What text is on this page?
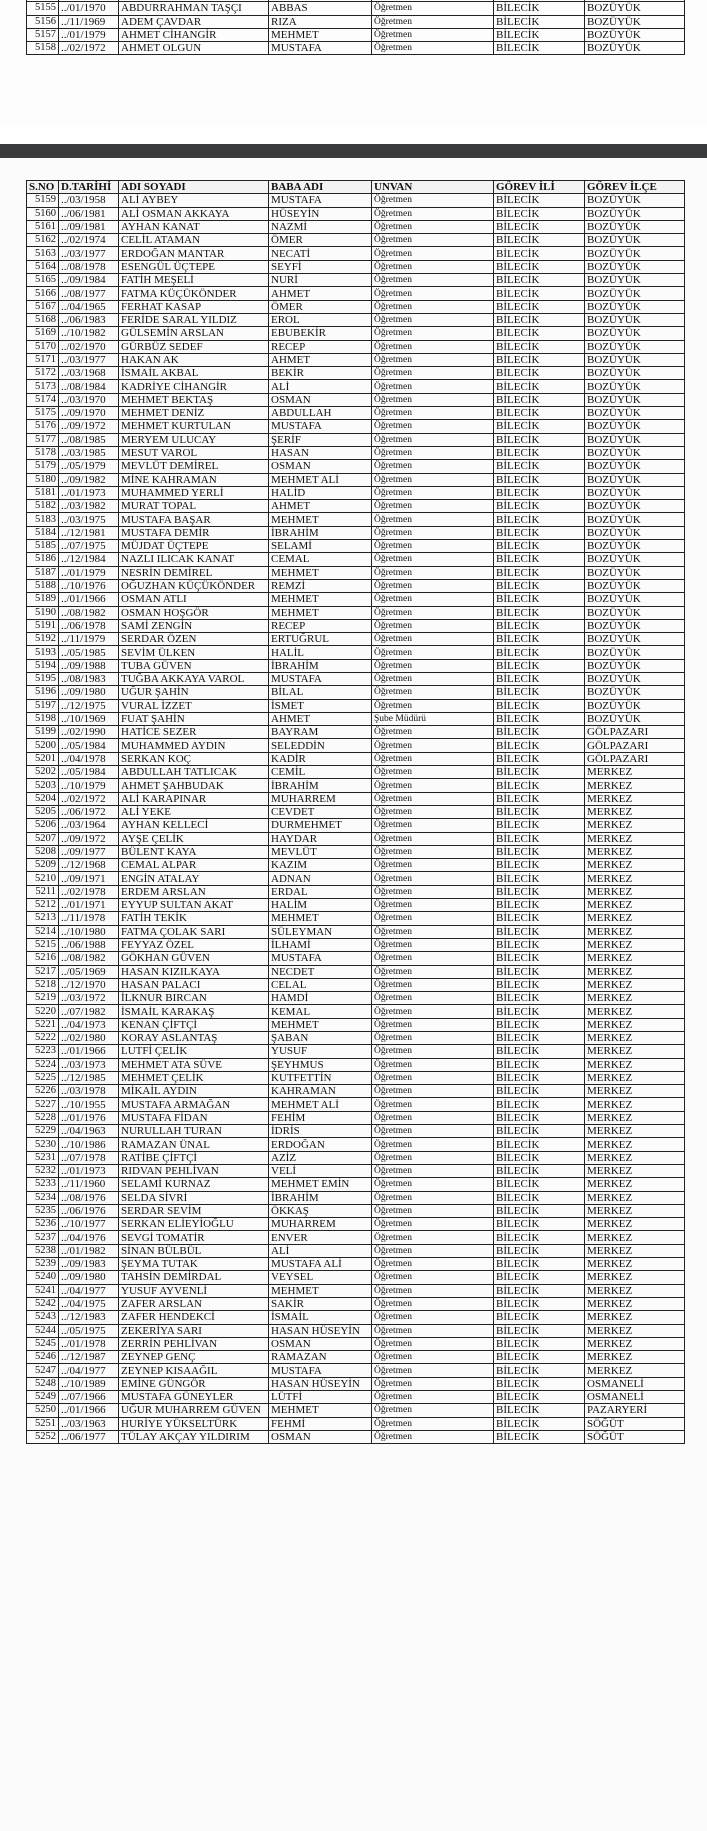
5155	../01/1970	ABDURRAHMAN TAŞÇI	ABBAS	Öğretmen	BİLECİK	BOZÜYÜK
5156	../11/1969	ADEM ÇAVDAR	RIZA	Öğretmen	BİLECİK	BOZÜYÜK
5157	../01/1979	AHMET CİHANGİR	MEHMET	Öğretmen	BİLECİK	BOZÜYÜK
5158	../02/1972	AHMET OLGUN	MUSTAFA	Öğretmen	BİLECİK	BOZÜYÜK
S.NO	D.TARİHİ	ADI SOYADI	BABA ADI	UNVAN	GÖREV İLİ	GÖREV İLÇE
5159	../03/1958	ALİ AYBEY	MUSTAFA	Öğretmen	BİLECİK	BOZÜYÜK
5160	../06/1981	ALİ OSMAN AKKAYA	HÜSEYİN	Öğretmen	BİLECİK	BOZÜYÜK
5161	../09/1981	AYHAN KANAT	NAZMİ	Öğretmen	BİLECİK	BOZÜYÜK
5162	../02/1974	CELİL ATAMAN	ÖMER	Öğretmen	BİLECİK	BOZÜYÜK
5163	../03/1977	ERDOĞAN MANTAR	NECATİ	Öğretmen	BİLECİK	BOZÜYÜK
5164	../08/1978	ESENGÜL ÜÇTEPE	SEYFİ	Öğretmen	BİLECİK	BOZÜYÜK
5165	../09/1984	FATİH MEŞELİ	NURİ	Öğretmen	BİLECİK	BOZÜYÜK
5166	../08/1977	FATMA KÜÇÜKÖNDER	AHMET	Öğretmen	BİLECİK	BOZÜYÜK
5167	../04/1965	FERHAT KASAP	ÖMER	Öğretmen	BİLECİK	BOZÜYÜK
5168	../06/1983	FERİDE SARAL YILDIZ	EROL	Öğretmen	BİLECİK	BOZÜYÜK
5169	../10/1982	GÜLSEMİN ARSLAN	EBUBEKİR	Öğretmen	BİLECİK	BOZÜYÜK
5170	../02/1970	GÜRBÜZ SEDEF	RECEP	Öğretmen	BİLECİK	BOZÜYÜK
5171	../03/1977	HAKAN AK	AHMET	Öğretmen	BİLECİK	BOZÜYÜK
5172	../03/1968	İSMAİL AKBAL	BEKİR	Öğretmen	BİLECİK	BOZÜYÜK
5173	../08/1984	KADRİYE CİHANGİR	ALİ	Öğretmen	BİLECİK	BOZÜYÜK
5174	../03/1970	MEHMET BEKTAŞ	OSMAN	Öğretmen	BİLECİK	BOZÜYÜK
5175	../09/1970	MEHMET DENİZ	ABDULLAH	Öğretmen	BİLECİK	BOZÜYÜK
5176	../09/1972	MEHMET KURTULAN	MUSTAFA	Öğretmen	BİLECİK	BOZÜYÜK
5177	../08/1985	MERYEM ULUCAY	ŞERİF	Öğretmen	BİLECİK	BOZÜYÜK
5178	../03/1985	MESUT VAROL	HASAN	Öğretmen	BİLECİK	BOZÜYÜK
5179	../05/1979	MEVLÜT DEMİREL	OSMAN	Öğretmen	BİLECİK	BOZÜYÜK
5180	../09/1982	MİNE KAHRAMAN	MEHMET ALİ	Öğretmen	BİLECİK	BOZÜYÜK
5181	../01/1973	MUHAMMED YERLİ	HALİD	Öğretmen	BİLECİK	BOZÜYÜK
5182	../03/1982	MURAT TOPAL	AHMET	Öğretmen	BİLECİK	BOZÜYÜK
5183	../03/1975	MUSTAFA BAŞAR	MEHMET	Öğretmen	BİLECİK	BOZÜYÜK
5184	../12/1981	MUSTAFA DEMİR	İBRAHİM	Öğretmen	BİLECİK	BOZÜYÜK
5185	../07/1975	MÜJDAT ÜÇTEPE	SELAMİ	Öğretmen	BİLECİK	BOZÜYÜK
5186	../12/1984	NAZLI ILICAK KANAT	CEMAL	Öğretmen	BİLECİK	BOZÜYÜK
5187	../01/1979	NESRİN DEMİREL	MEHMET	Öğretmen	BİLECİK	BOZÜYÜK
5188	../10/1976	OĞUZHAN KÜÇÜKÖNDER	REMZİ	Öğretmen	BİLECİK	BOZÜYÜK
5189	../01/1966	OSMAN ATLI	MEHMET	Öğretmen	BİLECİK	BOZÜYÜK
5190	../08/1982	OSMAN HOŞGÖR	MEHMET	Öğretmen	BİLECİK	BOZÜYÜK
5191	../06/1978	SAMİ ZENGİN	RECEP	Öğretmen	BİLECİK	BOZÜYÜK
5192	../11/1979	SERDAR ÖZEN	ERTUĞRUL	Öğretmen	BİLECİK	BOZÜYÜK
5193	../05/1985	SEVİM ÜLKEN	HALİL	Öğretmen	BİLECİK	BOZÜYÜK
5194	../09/1988	TUBA GÜVEN	İBRAHİM	Öğretmen	BİLECİK	BOZÜYÜK
5195	../08/1983	TUĞBA AKKAYA VAROL	MUSTAFA	Öğretmen	BİLECİK	BOZÜYÜK
5196	../09/1980	UĞUR ŞAHİN	BİLAL	Öğretmen	BİLECİK	BOZÜYÜK
5197	../12/1975	VURAL İZZET	İSMET	Öğretmen	BİLECİK	BOZÜYÜK
5198	../10/1969	FUAT ŞAHİN	AHMET	Şube Müdürü	BİLECİK	BOZÜYÜK
5199	../02/1990	HATİCE SEZER	BAYRAM	Öğretmen	BİLECİK	GÖLPAZARI
5200	../05/1984	MUHAMMED AYDIN	SELEDDİN	Öğretmen	BİLECİK	GÖLPAZARI
5201	../04/1978	SERKAN KOÇ	KADİR	Öğretmen	BİLECİK	GÖLPAZARI
5202	../05/1984	ABDULLAH TATLICAK	CEMİL	Öğretmen	BİLECİK	MERKEZ
5203	../10/1979	AHMET ŞAHBUDAK	İBRAHİM	Öğretmen	BİLECİK	MERKEZ
5204	../02/1972	ALİ KARAPINAR	MUHARREM	Öğretmen	BİLECİK	MERKEZ
5205	../06/1972	ALİ YEKE	CEVDET	Öğretmen	BİLECİK	MERKEZ
5206	../03/1964	AYHAN KELLECİ	DURMEHMET	Öğretmen	BİLECİK	MERKEZ
5207	../09/1972	AYŞE ÇELİK	HAYDAR	Öğretmen	BİLECİK	MERKEZ
5208	../09/1977	BÜLENT KAYA	MEVLÜT	Öğretmen	BİLECİK	MERKEZ
5209	../12/1968	CEMAL ALPAR	KAZIM	Öğretmen	BİLECİK	MERKEZ
5210	../09/1971	ENGİN ATALAY	ADNAN	Öğretmen	BİLECİK	MERKEZ
5211	../02/1978	ERDEM ARSLAN	ERDAL	Öğretmen	BİLECİK	MERKEZ
5212	../01/1971	EYYUP SULTAN AKAT	HALİM	Öğretmen	BİLECİK	MERKEZ
5213	../11/1978	FATİH TEKİK	MEHMET	Öğretmen	BİLECİK	MERKEZ
5214	../10/1980	FATMA ÇOLAK SARI	SÜLEYMAN	Öğretmen	BİLECİK	MERKEZ
5215	../06/1988	FEYYAZ ÖZEL	İLHAMİ	Öğretmen	BİLECİK	MERKEZ
5216	../08/1982	GÖKHAN GÜVEN	MUSTAFA	Öğretmen	BİLECİK	MERKEZ
5217	../05/1969	HASAN KIZILKAYA	NECDET	Öğretmen	BİLECİK	MERKEZ
5218	../12/1970	HASAN PALACI	CELAL	Öğretmen	BİLECİK	MERKEZ
5219	../03/1972	İLKNUR BIRCAN	HAMDİ	Öğretmen	BİLECİK	MERKEZ
5220	../07/1982	İSMAİL KARAKAŞ	KEMAL	Öğretmen	BİLECİK	MERKEZ
5221	../04/1973	KENAN ÇİFTÇİ	MEHMET	Öğretmen	BİLECİK	MERKEZ
5222	../02/1980	KORAY ASLANTAŞ	ŞABAN	Öğretmen	BİLECİK	MERKEZ
5223	../01/1966	LUTFİ ÇELİK	YUSUF	Öğretmen	BİLECİK	MERKEZ
5224	../03/1973	MEHMET ATA SÜVE	ŞEYHMUS	Öğretmen	BİLECİK	MERKEZ
5225	../12/1985	MEHMET ÇELİK	KUTFETTİN	Öğretmen	BİLECİK	MERKEZ
5226	../03/1978	MİKAİL AYDIN	KAHRAMAN	Öğretmen	BİLECİK	MERKEZ
5227	../10/1955	MUSTAFA ARMAĞAN	MEHMET ALİ	Öğretmen	BİLECİK	MERKEZ
5228	../01/1976	MUSTAFA FİDAN	FEHİM	Öğretmen	BİLECİK	MERKEZ
5229	../04/1963	NURULLAH TURAN	İDRİS	Öğretmen	BİLECİK	MERKEZ
5230	../10/1986	RAMAZAN ÜNAL	ERDOĞAN	Öğretmen	BİLECİK	MERKEZ
5231	../07/1978	RATİBE ÇİFTÇİ	AZİZ	Öğretmen	BİLECİK	MERKEZ
5232	../01/1973	RIDVAN PEHLİVAN	VELİ	Öğretmen	BİLECİK	MERKEZ
5233	../11/1960	SELAMİ KURNAZ	MEHMET EMİN	Öğretmen	BİLECİK	MERKEZ
5234	../08/1976	SELDA SİVRİ	İBRAHİM	Öğretmen	BİLECİK	MERKEZ
5235	../06/1976	SERDAR SEVİM	ÖKKAŞ	Öğretmen	BİLECİK	MERKEZ
5236	../10/1977	SERKAN ELİEYİOĞLU	MUHARREM	Öğretmen	BİLECİK	MERKEZ
5237	../04/1976	SEVGİ TOMATİR	ENVER	Öğretmen	BİLECİK	MERKEZ
5238	../01/1982	SİNAN BÜLBÜL	ALİ	Öğretmen	BİLECİK	MERKEZ
5239	../09/1983	ŞEYMA TUTAK	MUSTAFA ALİ	Öğretmen	BİLECİK	MERKEZ
5240	../09/1980	TAHSİN DEMİRDAL	VEYSEL	Öğretmen	BİLECİK	MERKEZ
5241	../04/1977	YUSUF AYVENLİ	MEHMET	Öğretmen	BİLECİK	MERKEZ
5242	../04/1975	ZAFER ARSLAN	SAKİR	Öğretmen	BİLECİK	MERKEZ
5243	../12/1983	ZAFER HENDEKCİ	İSMAİL	Öğretmen	BİLECİK	MERKEZ
5244	../05/1975	ZEKERİYA SARI	HASAN HÜSEYİN	Öğretmen	BİLECİK	MERKEZ
5245	../01/1978	ZERRİN PEHLİVAN	OSMAN	Öğretmen	BİLECİK	MERKEZ
5246	../12/1987	ZEYNEP GENÇ	RAMAZAN	Öğretmen	BİLECİK	MERKEZ
5247	../04/1977	ZEYNEP KISAAĞIL	MUSTAFA	Öğretmen	BİLECİK	MERKEZ
5248	../10/1989	EMİNE GÜNGÖR	HASAN HÜSEYİN	Öğretmen	BİLECİK	OSMANELİ
5249	../07/1966	MUSTAFA GÜNEYLER	LÜTFİ	Öğretmen	BİLECİK	OSMANELİ
5250	../01/1966	UĞUR MUHARREM GÜVEN	MEHMET	Öğretmen	BİLECİK	PAZARYERİ
5251	../03/1963	HURİYE YÜKSELTÜRK	FEHMİ	Öğretmen	BİLECİK	SÖĞÜT
5252	../06/1977	TÜLAY AKÇAY YILDIRIM	OSMAN	Öğretmen	BİLECİK	SÖĞÜT
